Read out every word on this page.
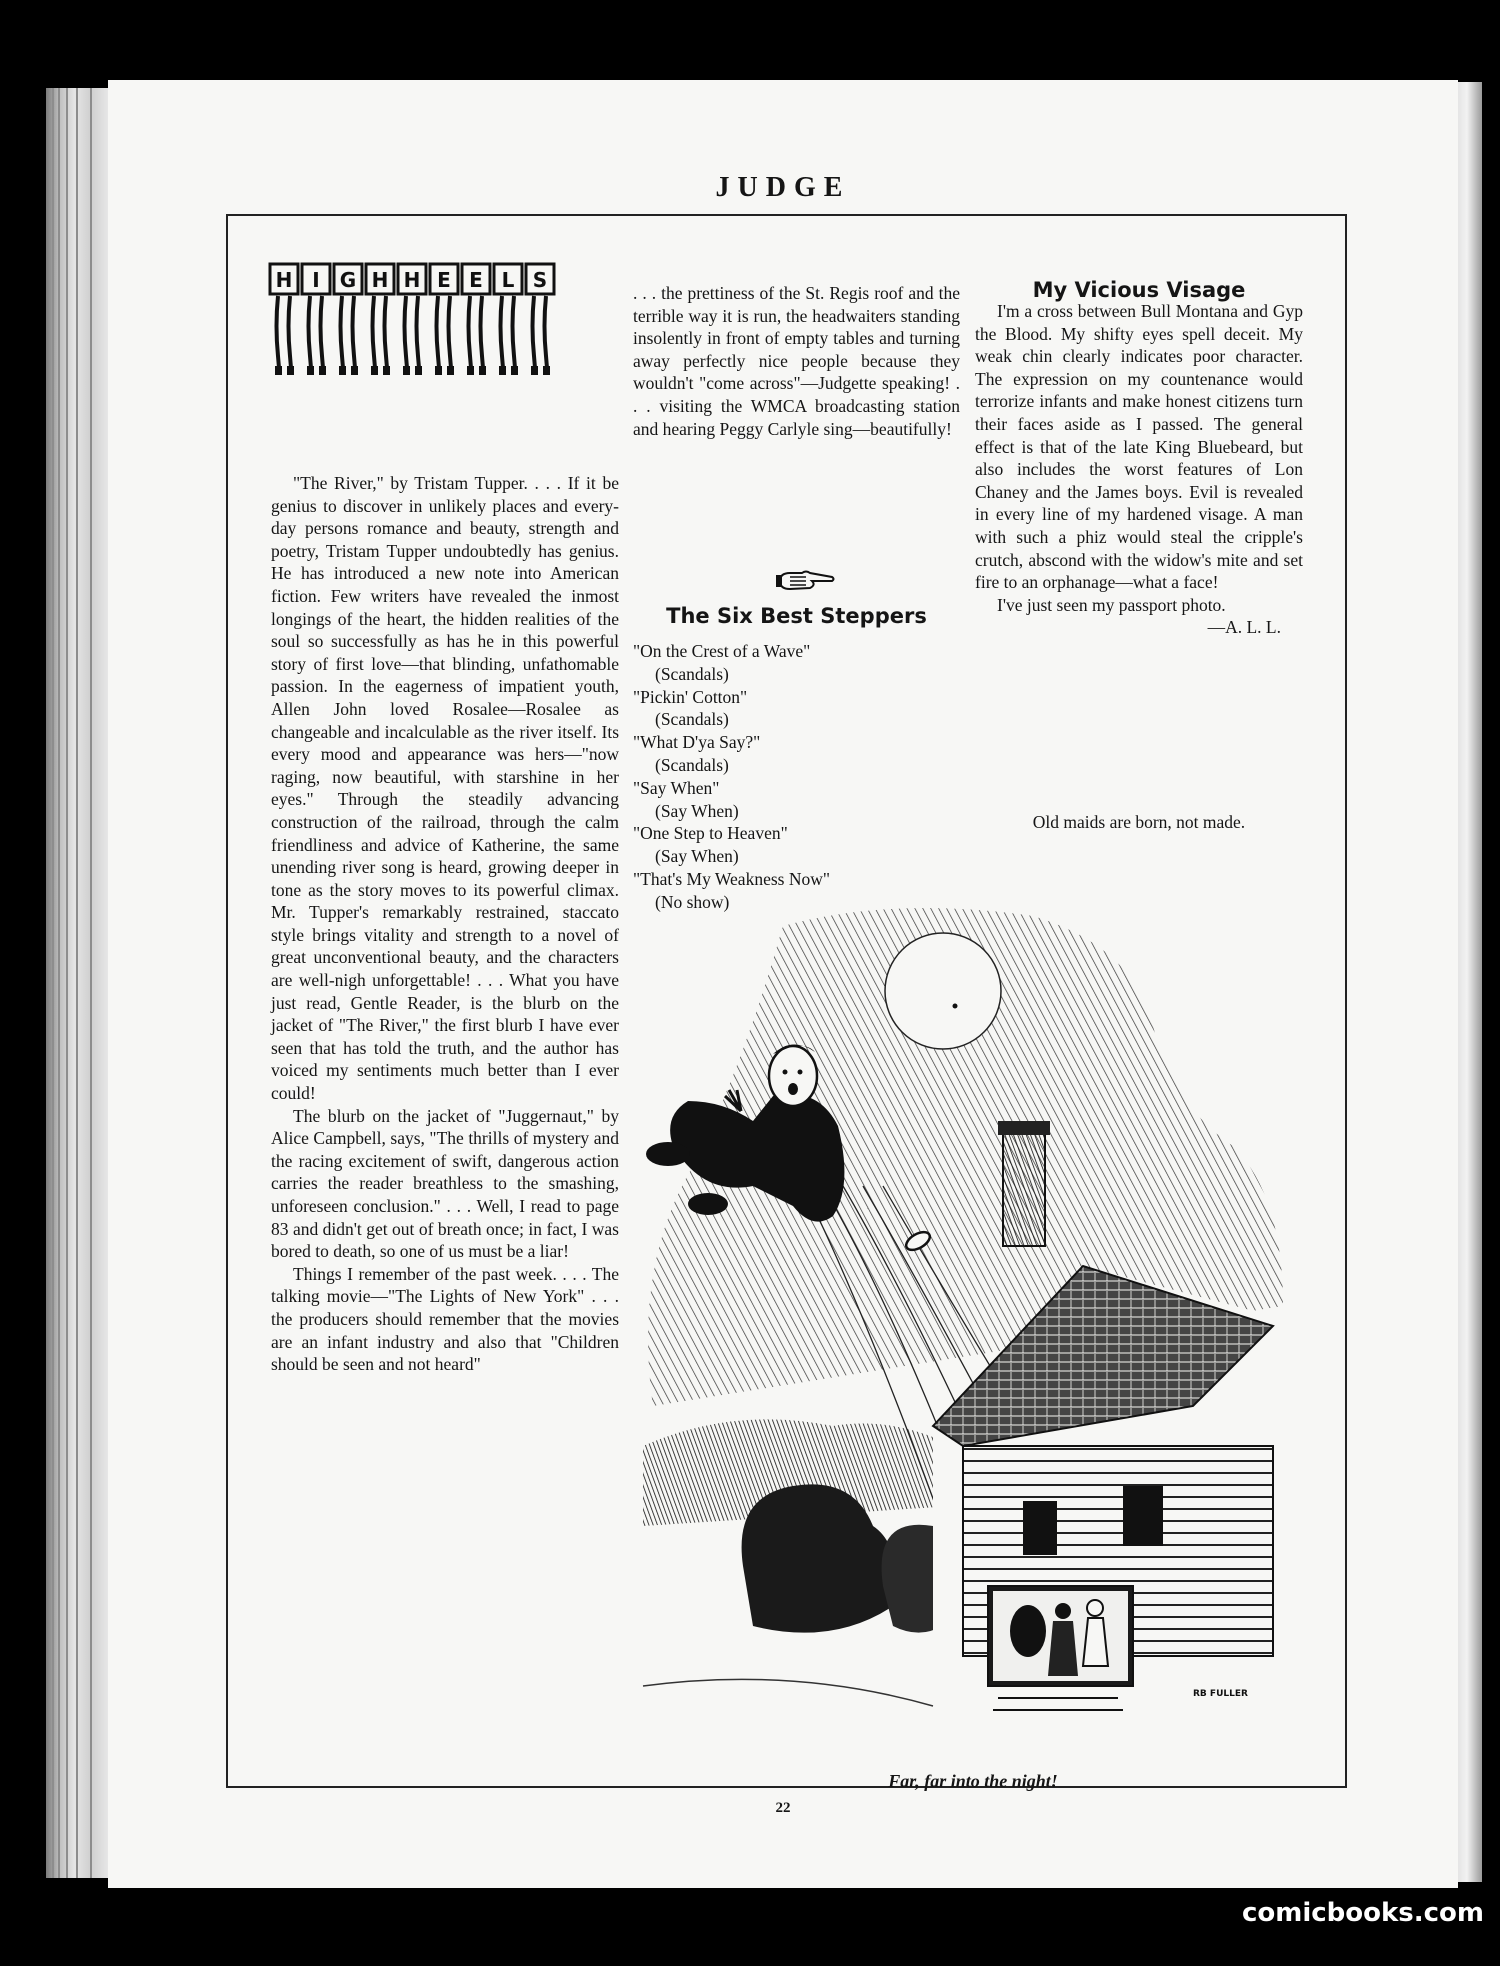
JUDGE
H I G H H E E L S

"The River," by Tristam Tupper. . . . If it be genius to discover in unlikely places and every-day persons romance and beauty, strength and poetry, Tristam Tupper undoubtedly has genius. He has introduced a new note into American fiction. Few writers have revealed the inmost longings of the heart, the hidden realities of the soul so successfully as has he in this powerful story of first love—that blinding, unfathomable passion. In the eagerness of impatient youth, Allen John loved Rosalee—Rosalee as changeable and incalculable as the river itself. Its every mood and appearance was hers—"now raging, now beautiful, with starshine in her eyes." Through the steadily advancing construction of the railroad, through the calm friendliness and advice of Katherine, the same unending river song is heard, growing deeper in tone as the story moves to its powerful climax. Mr. Tupper's remarkably restrained, staccato style brings vitality and strength to a novel of great unconventional beauty, and the characters are well-nigh unforgettable! . . . What you have just read, Gentle Reader, is the blurb on the jacket of "The River," the first blurb I have ever seen that has told the truth, and the author has voiced my sentiments much better than I ever could!

The blurb on the jacket of "Juggernaut," by Alice Campbell, says, "The thrills of mystery and the racing excitement of swift, dangerous action carries the reader breathless to the smashing, unforeseen conclusion." . . . Well, I read to page 83 and didn't get out of breath once; in fact, I was bored to death, so one of us must be a liar!

Things I remember of the past week. . . . The talking movie—"The Lights of New York" . . . the producers should remember that the movies are an infant industry and also that "Children should be seen and not heard"

. . . the prettiness of the St. Regis roof and the terrible way it is run, the headwaiters standing insolently in front of empty tables and turning away perfectly nice people because they wouldn't "come across"—Judgette speaking! . . . visiting the WMCA broadcasting station and hearing Peggy Carlyle sing—beautifully!

The Six Best Steppers
"On the Crest of a Wave"
(Scandals)
"Pickin' Cotton"
(Scandals)
"What D'ya Say?"
(Scandals)
"Say When"
(Say When)
"One Step to Heaven"
(Say When)
"That's My Weakness Now"
(No show)
My Vicious Visage

I'm a cross between Bull Montana and Gyp the Blood. My shifty eyes spell deceit. My weak chin clearly indicates poor character. The expression on my countenance would terrorize infants and make honest citizens turn their faces aside as I passed. The general effect is that of the late King Bluebeard, but also includes the worst features of Lon Chaney and the James boys. Evil is revealed in every line of my hardened visage. A man with such a phiz would steal the cripple's crutch, abscond with the widow's mite and set fire to an orphanage—what a face!

I've just seen my passport photo.
—A. L. L.

Old maids are born, not made.
RB FULLER
Far, far into the night!
22
comicbooks.com
